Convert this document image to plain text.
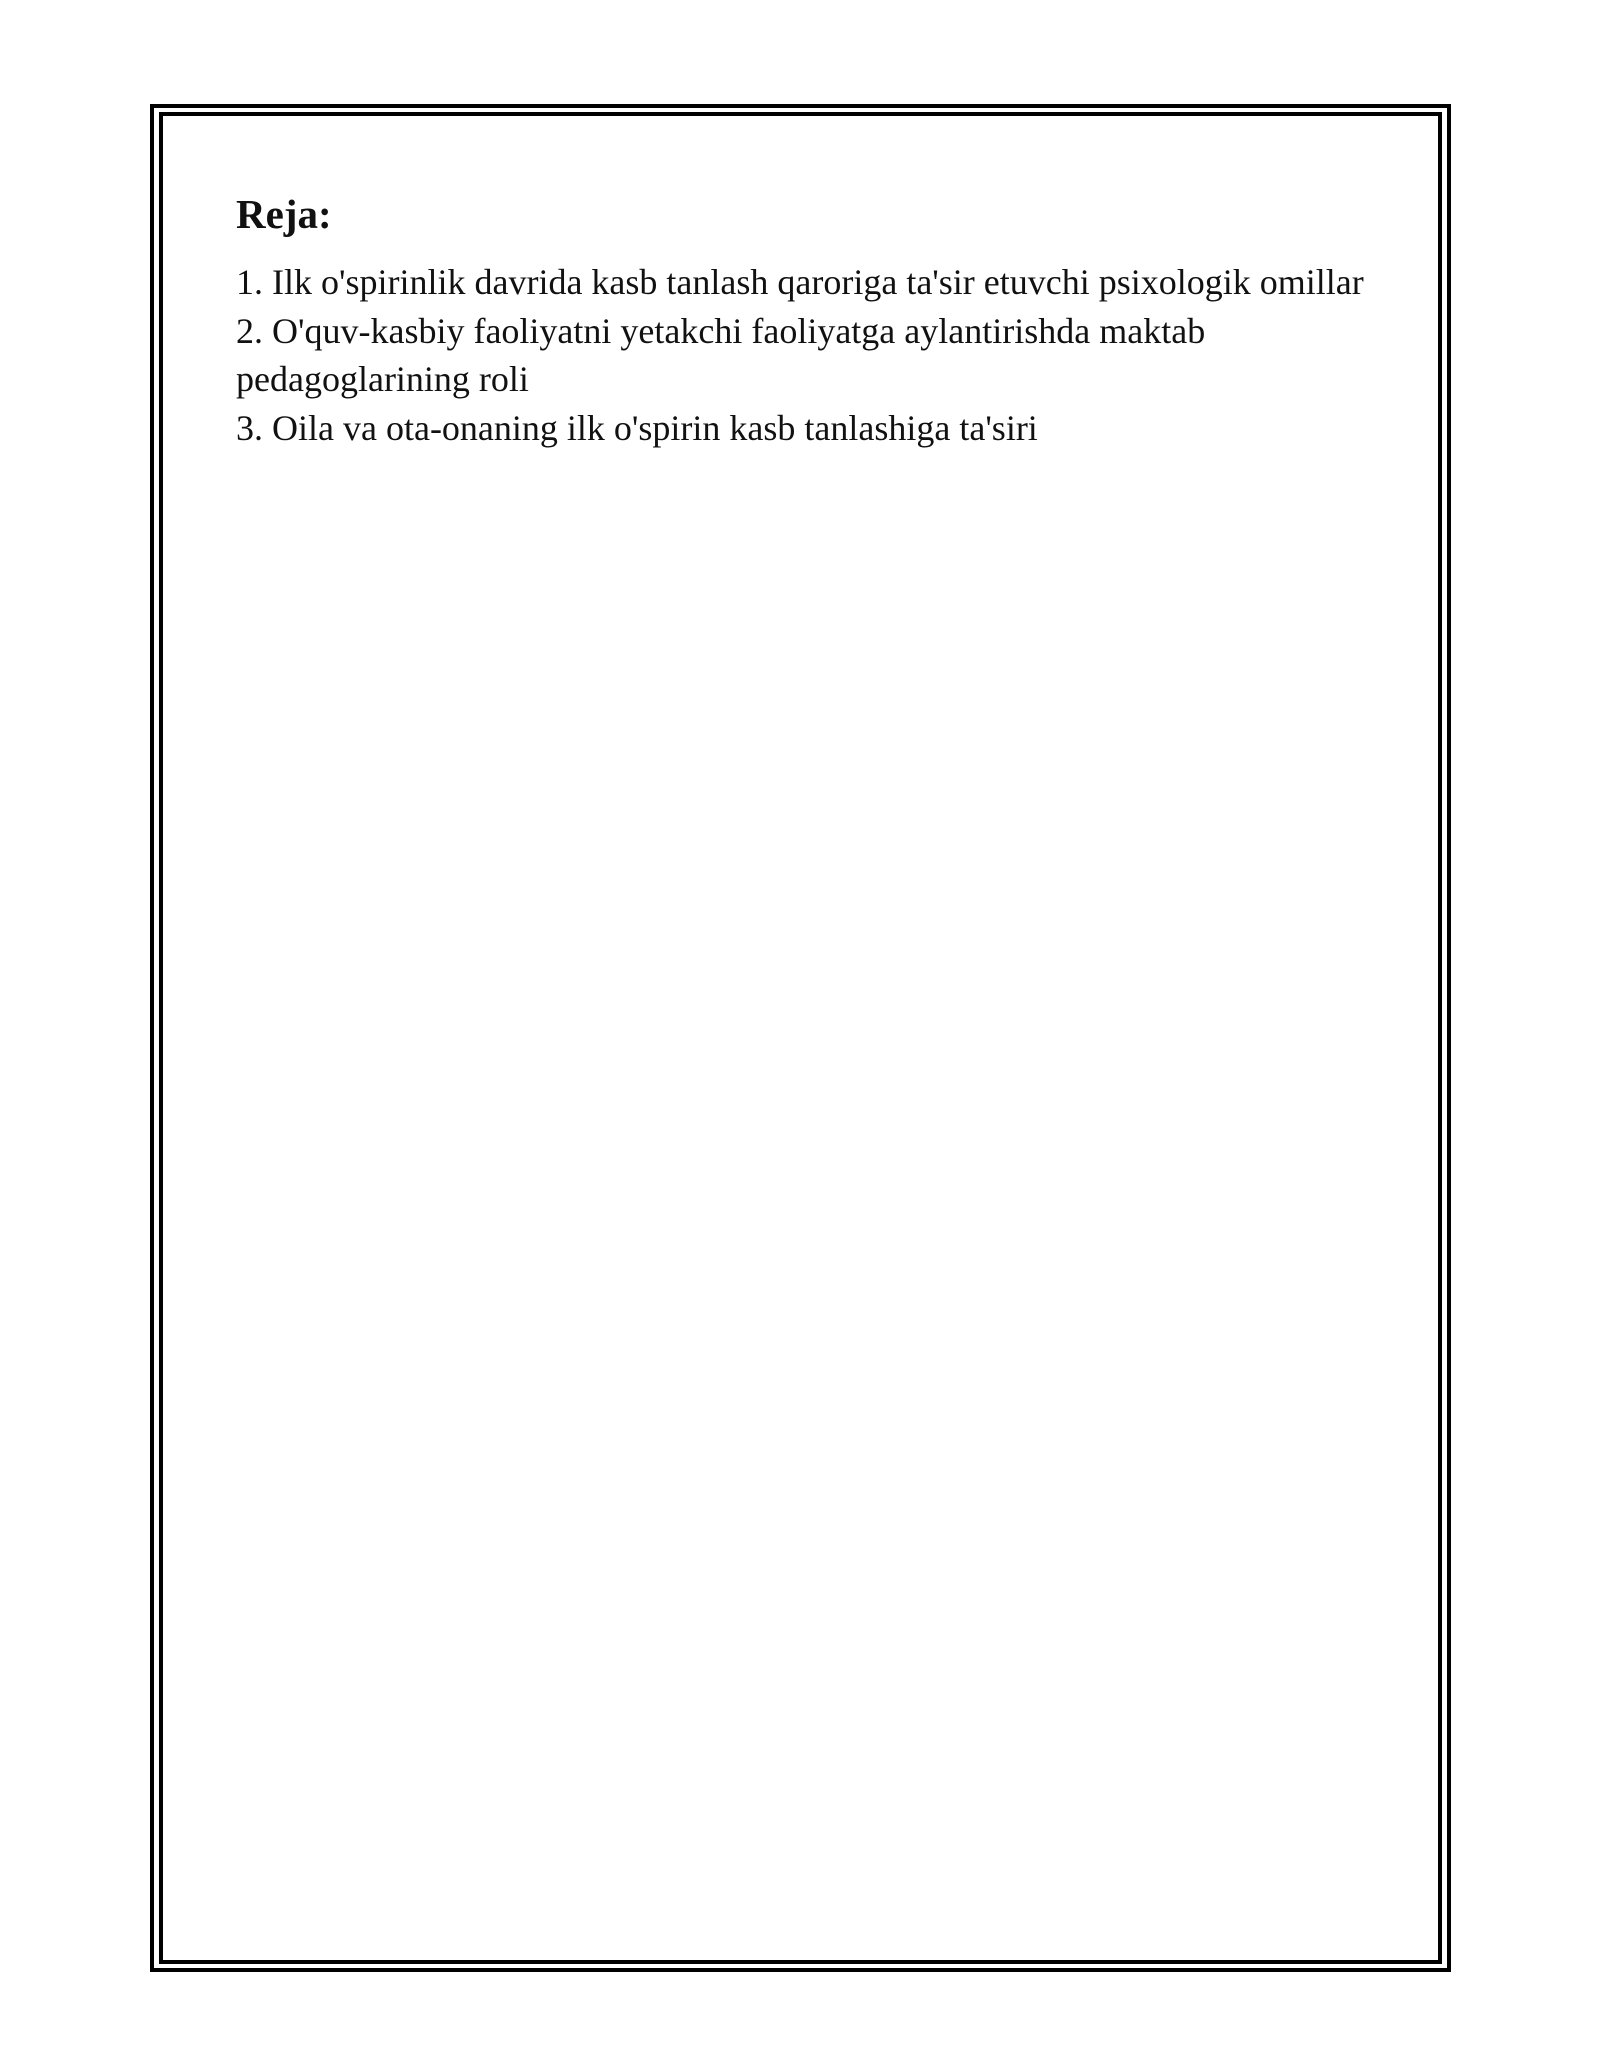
Reja:
1. Ilk o'spirinlik davrida kasb tanlash qaroriga ta'sir etuvchi psixologik omillar
2. O'quv-kasbiy faoliyatni yetakchi faoliyatga aylantirishda maktab pedagoglarining roli
3. Oila va ota-onaning ilk o'spirin kasb tanlashiga ta'siri
